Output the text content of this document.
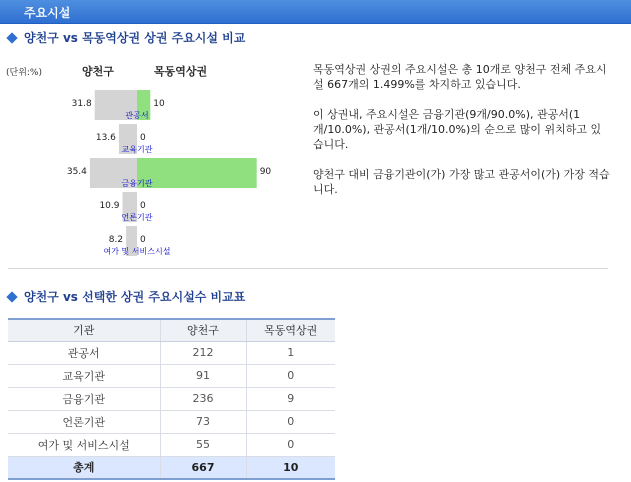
주요시설
양천구 vs 목동역상권 상권 주요시설 비교
(단위:%)	양천구	목동역상권
31.8	10
관공서
13.6	0
교육기관
35.4	90
금융기관
10.9 0
언론기관
8.2 0
여가 및 서비스시설

목동역상권 상권의 주요시설은 총 10개로 양천구 전체 주요시설 667개의 1.499%를 차지하고 있습니다.

이 상권내, 주요시설은 금융기관(9개/90.0%), 관공서(1개/10.0%), 관공서(1개/10.0%)의 순으로 많이 위치하고 있습니다.

양천구 대비 금융기관이(가) 가장 많고 관공서이(가) 가장 적습니다.

양천구 vs 선택한 상권 주요시설수 비교표
기관	양천구	목동역상권
관공서	212	1
교육기관	91	0
금융기관	236	9
언론기관	73	0
여가 및 서비스시설	55	0
총계	667	10
